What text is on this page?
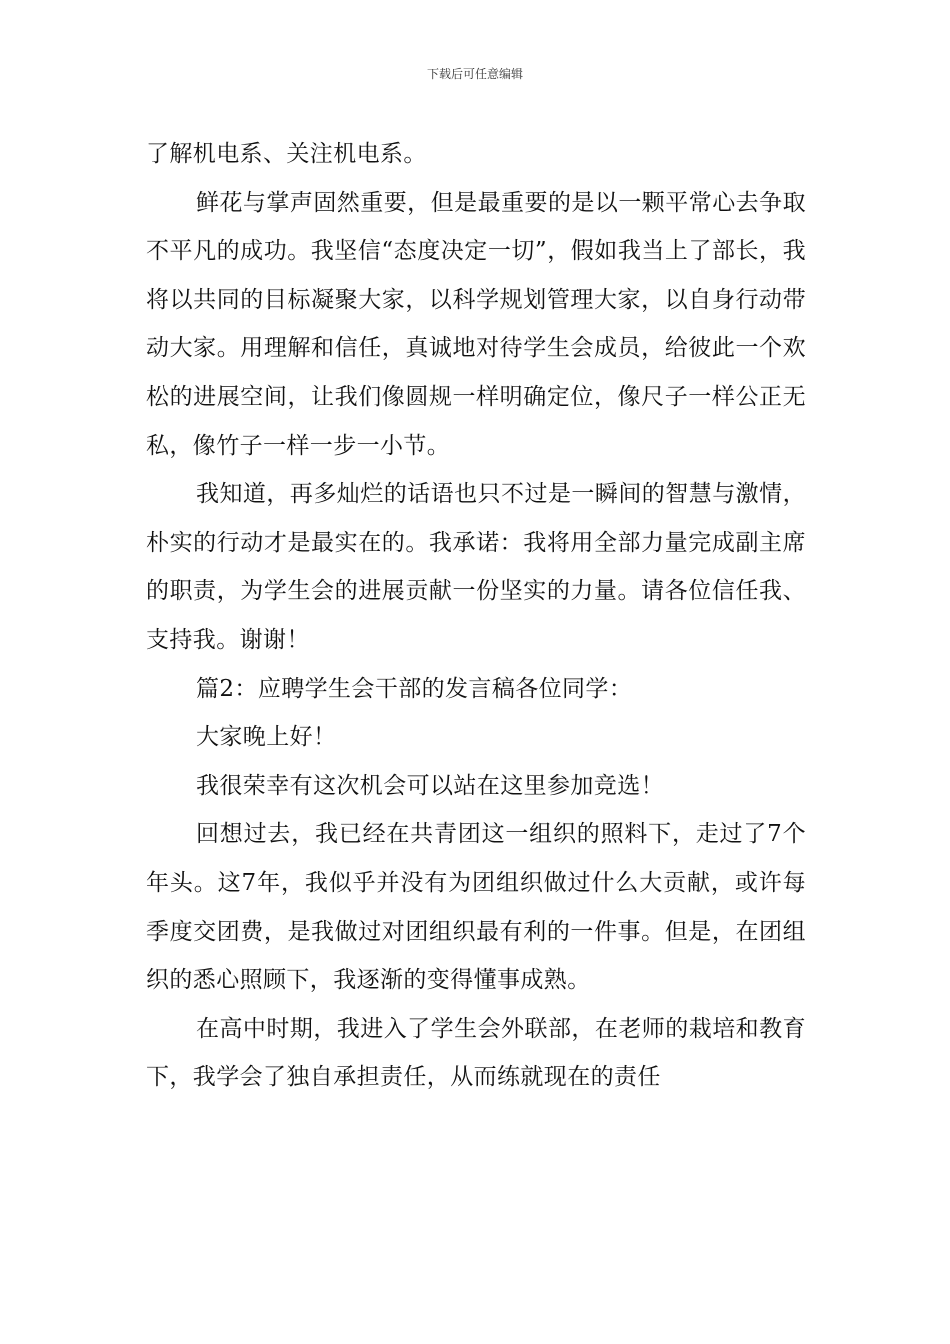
下载后可任意编辑

了解机电系、关注机电系。

鲜花与掌声固然重要，但是最重要的是以一颗平常心去争取不平凡的成功。我坚信“态度决定一切”，假如我当上了部长，我将以共同的目标凝聚大家，以科学规划管理大家，以自身行动带动大家。用理解和信任，真诚地对待学生会成员，给彼此一个欢松的进展空间，让我们像圆规一样明确定位，像尺子一样公正无私，像竹子一样一步一小节。

我知道，再多灿烂的话语也只不过是一瞬间的智慧与激情，朴实的行动才是最实在的。我承诺：我将用全部力量完成副主席的职责，为学生会的进展贡献一份坚实的力量。请各位信任我、支持我。谢谢！

篇2：应聘学生会干部的发言稿各位同学：

大家晚上好！

我很荣幸有这次机会可以站在这里参加竞选！

回想过去，我已经在共青团这一组织的照料下，走过了7个年头。这7年，我似乎并没有为团组织做过什么大贡献，或许每季度交团费，是我做过对团组织最有利的一件事。但是，在团组织的悉心照顾下，我逐渐的变得懂事成熟。

在高中时期，我进入了学生会外联部，在老师的栽培和教育下，我学会了独自承担责任，从而练就现在的责任
